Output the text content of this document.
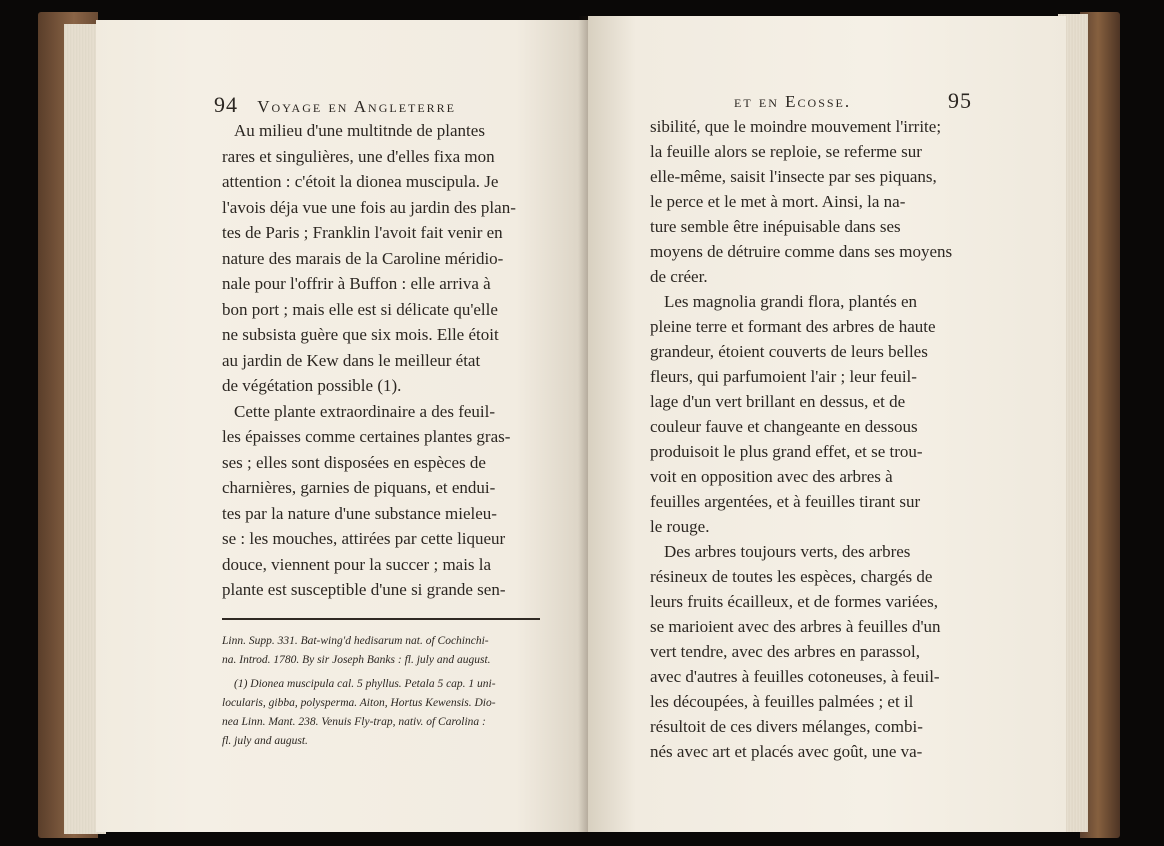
94 Voyage en Angleterre
Au milieu d'une multitnde de plantes
rares et singulières, une d'elles fixa mon
attention : c'étoit la dionea muscipula. Je
l'avois déja vue une fois au jardin des plan-
tes de Paris ; Franklin l'avoit fait venir en
nature des marais de la Caroline méridio-
nale pour l'offrir à Buffon : elle arriva à
bon port ; mais elle est si délicate qu'elle
ne subsista guère que six mois. Elle étoit
au jardin de Kew dans le meilleur état
de végétation possible (1).
Cette plante extraordinaire a des feuil-
les épaisses comme certaines plantes gras-
ses ; elles sont disposées en espèces de
charnières, garnies de piquans, et endui-
tes par la nature d'une substance mieleu-
se : les mouches, attirées par cette liqueur
douce, viennent pour la succer ; mais la
plante est susceptible d'une si grande sen-
Linn. Supp. 331. Bat-wing'd hedisarum nat. of Cochinchi-
na. Introd. 1780. By sir Joseph Banks : fl. july and august.
(1) Dionea muscipula cal. 5 phyllus. Petala 5 cap. 1 uni-
locularis, gibba, polysperma. Aiton, Hortus Kewensis. Dio-
nea Linn. Mant. 238. Venuis Fly-trap, nativ. of Carolina :
fl. july and august.
et en Ecosse.	95
sibilité, que le moindre mouvement l'irrite;
la feuille alors se reploie, se referme sur
elle-même, saisit l'insecte par ses piquans,
le perce et le met à mort. Ainsi, la na-
ture semble être inépuisable dans ses
moyens de détruire comme dans ses moyens
de créer.
Les magnolia grandi flora, plantés en
pleine terre et formant des arbres de haute
grandeur, étoient couverts de leurs belles
fleurs, qui parfumoient l'air ; leur feuil-
lage d'un vert brillant en dessus, et de
couleur fauve et changeante en dessous
produisoit le plus grand effet, et se trou-
voit en opposition avec des arbres à
feuilles argentées, et à feuilles tirant sur
le rouge.
Des arbres toujours verts, des arbres
résineux de toutes les espèces, chargés de
leurs fruits écailleux, et de formes variées,
se marioient avec des arbres à feuilles d'un
vert tendre, avec des arbres en parassol,
avec d'autres à feuilles cotoneuses, à feuil-
les découpées, à feuilles palmées ; et il
résultoit de ces divers mélanges, combi-
nés avec art et placés avec goût, une va-
